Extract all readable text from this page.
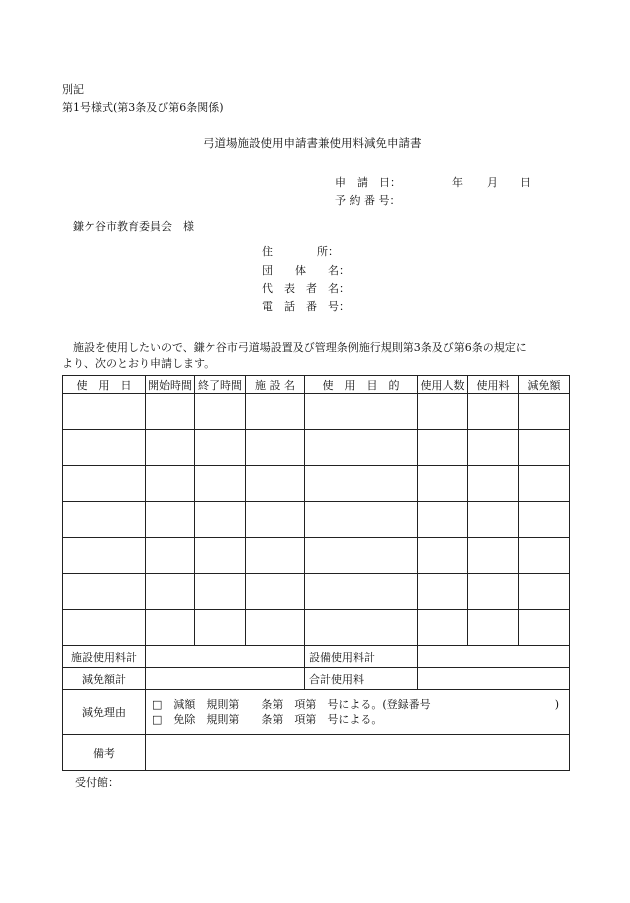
別記
第1号様式(第3条及び第6条関係)
弓道場施設使用申請書兼使用料減免申請書
申　請　日：	年 月 日
予 約 番 号：
鎌ケ谷市教育委員会　様
住　　　　所：
団　　体　　名：
代　表　者　名：
電　話　番　号：
　施設を使用したいので、鎌ケ谷市弓道場設置及び管理条例施行規則第3条及び第6条の規定に
より、次のとおり申請します。
使　用　日	開始時間	終了時間	施 設 名	使　用　目　的	使用人数	使用料	減免額

施設使用料計				設備使用料計			
減免額計				合計使用料			
減免理由	□　減額　規則第　　条第　項第　号による。(登録番号 )
□　免除　規則第　　条第　項第　号による。						

備考							
受付館：
